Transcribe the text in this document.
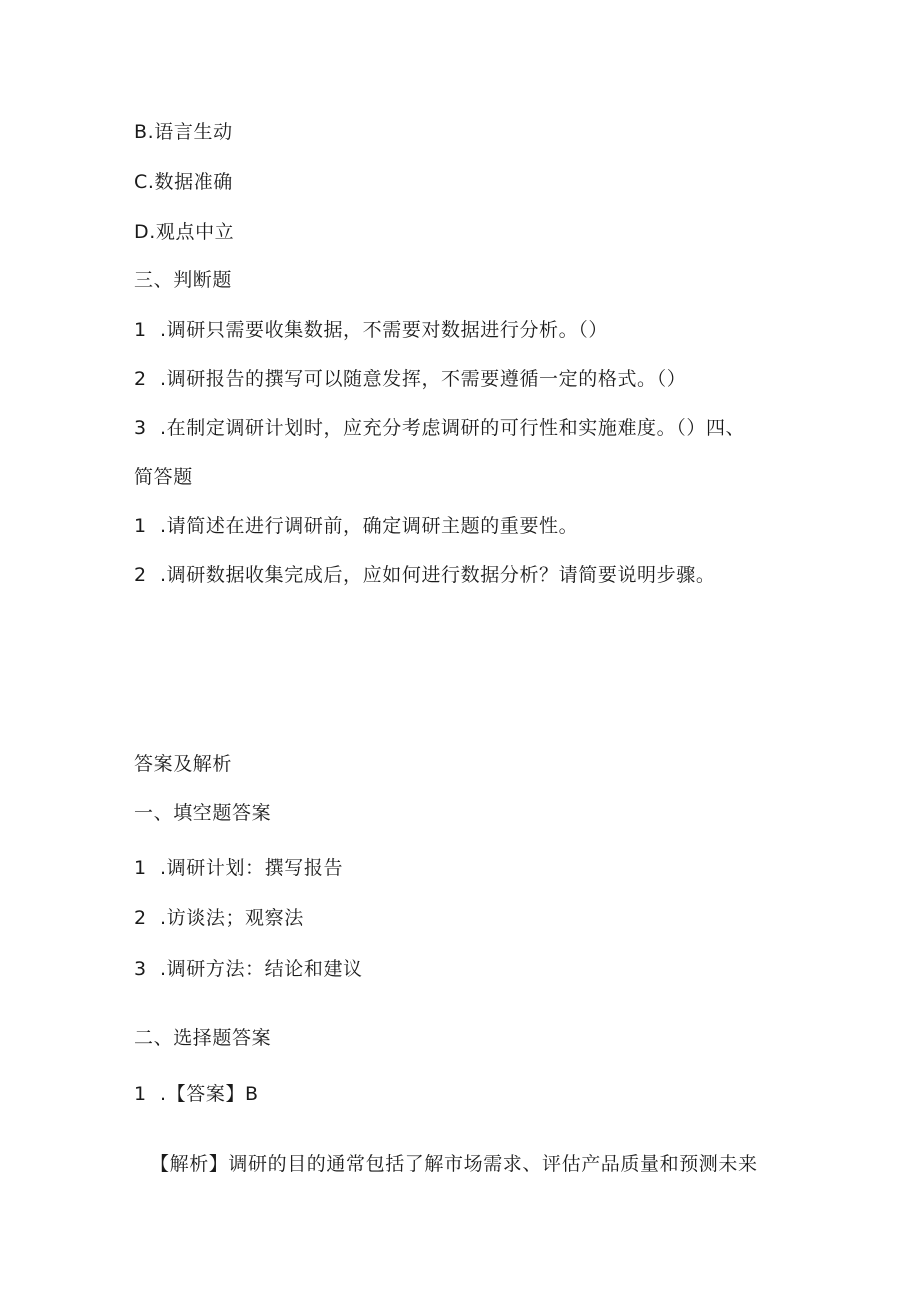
B.语言生动
C.数据准确
D.观点中立
三、判断题
1 .调研只需要收集数据，不需要对数据进行分析。（）
2 .调研报告的撰写可以随意发挥，不需要遵循一定的格式。（）
3 .在制定调研计划时，应充分考虑调研的可行性和实施难度。（）四、
简答题
1 .请简述在进行调研前，确定调研主题的重要性。
2 .调研数据收集完成后，应如何进行数据分析？请简要说明步骤。
答案及解析
一、填空题答案
1 .调研计划：撰写报告
2 .访谈法；观察法
3 .调研方法：结论和建议
二、选择题答案
1 .【答案】B
【解析】调研的目的通常包括了解市场需求、评估产品质量和预测未来
